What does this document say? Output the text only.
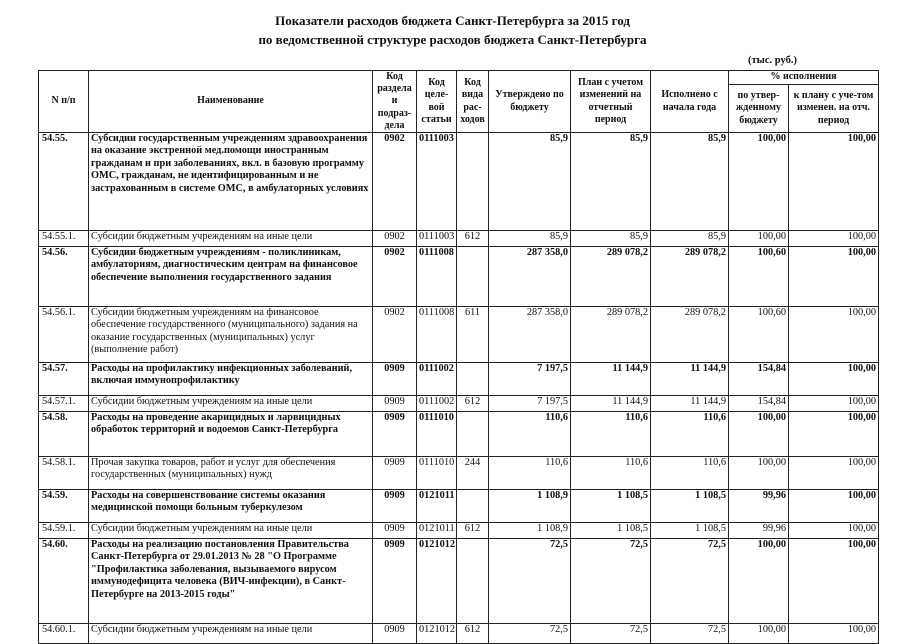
Показатели расходов бюджета Санкт-Петербурга за 2015 год
по ведомственной структуре расходов бюджета Санкт-Петербурга
(тыс. руб.)
N п/п	Наименование	Код раздела и подраз-дела	Код целе-вой статьи	Код вида рас-ходов	Утверждено по бюджету	План с учетом изменений на отчетный период	Исполнено с начала года	% исполнения	
								по утвер-жденному бюджету	к плану с уче-том изменен. на отч. период
54.55.	Субсидии государственным учреждениям здравоохранения на оказание экстренной мед.помощи иностранным гражданам и при заболеваниях, вкл. в базовую программу ОМС, гражданам, не идентифицированным и не застрахованным в системе ОМС, в амбулаторных условиях	0902	0111003		85,9	85,9	85,9	100,00	100,00
54.55.1.	Субсидии бюджетным учреждениям на иные цели	0902	0111003	612	85,9	85,9	85,9	100,00	100,00
54.56.	Субсидии бюджетным учреждениям - поликлиникам, амбулаториям, диагностическим центрам на финансовое обеспечение выполнения государственного задания	0902	0111008		287 358,0	289 078,2	289 078,2	100,60	100,00
54.56.1.	Субсидии бюджетным учреждениям на финансовое обеспечение государственного (муниципального) задания на оказание государственных (муниципальных) услуг (выполнение работ)	0902	0111008	611	287 358,0	289 078,2	289 078,2	100,60	100,00
54.57.	Расходы на профилактику инфекционных заболеваний, включая иммунопрофилактику	0909	0111002		7 197,5	11 144,9	11 144,9	154,84	100,00
54.57.1.	Субсидии бюджетным учреждениям на иные цели	0909	0111002	612	7 197,5	11 144,9	11 144,9	154,84	100,00
54.58.	Расходы на проведение акарицидных и ларвицидных обработок территорий и водоемов Санкт-Петербурга	0909	0111010		110,6	110,6	110,6	100,00	100,00
54.58.1.	Прочая закупка товаров, работ и услуг для обеспечения государственных (муниципальных) нужд	0909	0111010	244	110,6	110,6	110,6	100,00	100,00
54.59.	Расходы на совершенствование системы оказания медицинской помощи больным туберкулезом	0909	0121011		1 108,9	1 108,5	1 108,5	99,96	100,00
54.59.1.	Субсидии бюджетным учреждениям на иные цели	0909	0121011	612	1 108,9	1 108,5	1 108,5	99,96	100,00
54.60.	Расходы на реализацию постановления Правительства Санкт-Петербурга от 29.01.2013 № 28 "О Программе "Профилактика заболевания, вызываемого вирусом иммунодефицита человека (ВИЧ-инфекции), в Санкт-Петербурге на 2013-2015 годы"	0909	0121012		72,5	72,5	72,5	100,00	100,00
54.60.1.	Субсидии бюджетным учреждениям на иные цели	0909	0121012	612	72,5	72,5	72,5	100,00	100,00
